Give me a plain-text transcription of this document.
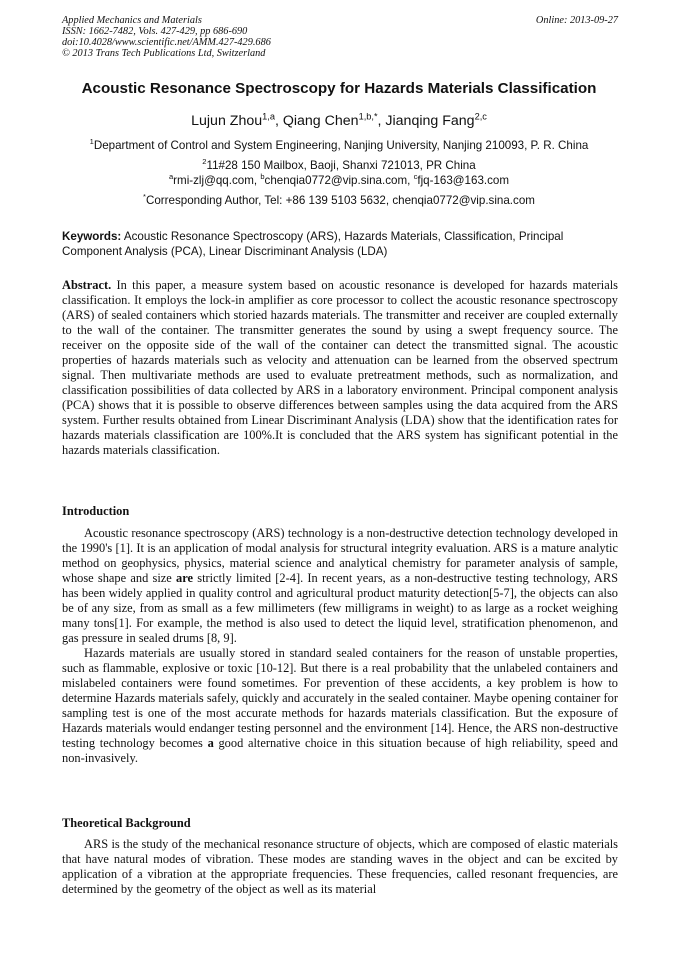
Applied Mechanics and Materials
ISSN: 1662-7482, Vols. 427-429, pp 686-690
doi:10.4028/www.scientific.net/AMM.427-429.686
© 2013 Trans Tech Publications Ltd, Switzerland
Online: 2013-09-27
Acoustic Resonance Spectroscopy for Hazards Materials Classification
Lujun Zhou$^{1,a}$, Qiang Chen$^{1,b,*}$, Jianqing Fang$^{2,c}$
$^1$Department of Control and System Engineering, Nanjing University, Nanjing 210093, P. R. China
$^2$11#28 150 Mailbox, Baoji, Shanxi 721013, PR China
$^a$rmi-zlj@qq.com, $^b$chenqia0772@vip.sina.com, $^c$fjq-163@163.com
*Corresponding Author, Tel: +86 139 5103 5632, chenqia0772@vip.sina.com
Keywords: Acoustic Resonance Spectroscopy (ARS), Hazards Materials, Classification, Principal Component Analysis (PCA), Linear Discriminant Analysis (LDA)

Abstract. In this paper, a measure system based on acoustic resonance is developed for hazards materials classification. It employs the lock-in amplifier as core processor to collect the acoustic resonance spectroscopy (ARS) of sealed containers which storied hazards materials. The transmitter and receiver are coupled externally to the wall of the container. The transmitter generates the sound by using a swept frequency source. The receiver on the opposite side of the wall of the container can detect the transmitted signal. The acoustic properties of hazards materials such as velocity and attenuation can be learned from the observed spectrum signal. Then multivariate methods are used to evaluate pretreatment methods, such as normalization, and classification possibilities of data collected by ARS in a laboratory environment. Principal component analysis (PCA) shows that it is possible to observe differences between samples using the data acquired from the ARS system. Further results obtained from Linear Discriminant Analysis (LDA) show that the identification rates for hazards materials classification are 100%.It is concluded that the ARS system has significant potential in the hazards materials classification.

Introduction

Acoustic resonance spectroscopy (ARS) technology is a non-destructive detection technology developed in the 1990's [1]. It is an application of modal analysis for structural integrity evaluation. ARS is a mature analytic method on geophysics, physics, material science and analytical chemistry for parameter analysis of sample, whose shape and size are strictly limited [2-4]. In recent years, as a non-destructive testing technology, ARS has been widely applied in quality control and agricultural product maturity detection[5-7], the objects can also be of any size, from as small as a few millimeters (few milligrams in weight) to as large as a rocket weighing many tons[1]. For example, the method is also used to detect the liquid level, stratification phenomenon, and gas pressure in sealed drums [8, 9].

Hazards materials are usually stored in standard sealed containers for the reason of unstable properties, such as flammable, explosive or toxic [10-12]. But there is a real probability that the unlabeled containers and mislabeled containers were found sometimes. For prevention of these accidents, a key problem is how to determine Hazards materials safely, quickly and accurately in the sealed container. Maybe opening container for sampling test is one of the most accurate methods for hazards materials classification. But the exposure of Hazards materials would endanger testing personnel and the environment [14]. Hence, the ARS non-destructive testing technology becomes a good alternative choice in this situation because of high reliability, speed and non-invasively.

Theoretical Background

ARS is the study of the mechanical resonance structure of objects, which are composed of elastic materials that have natural modes of vibration. These modes are standing waves in the object and can be excited by application of a vibration at the appropriate frequencies. These frequencies, called resonant frequencies, are determined by the geometry of the object as well as its material
